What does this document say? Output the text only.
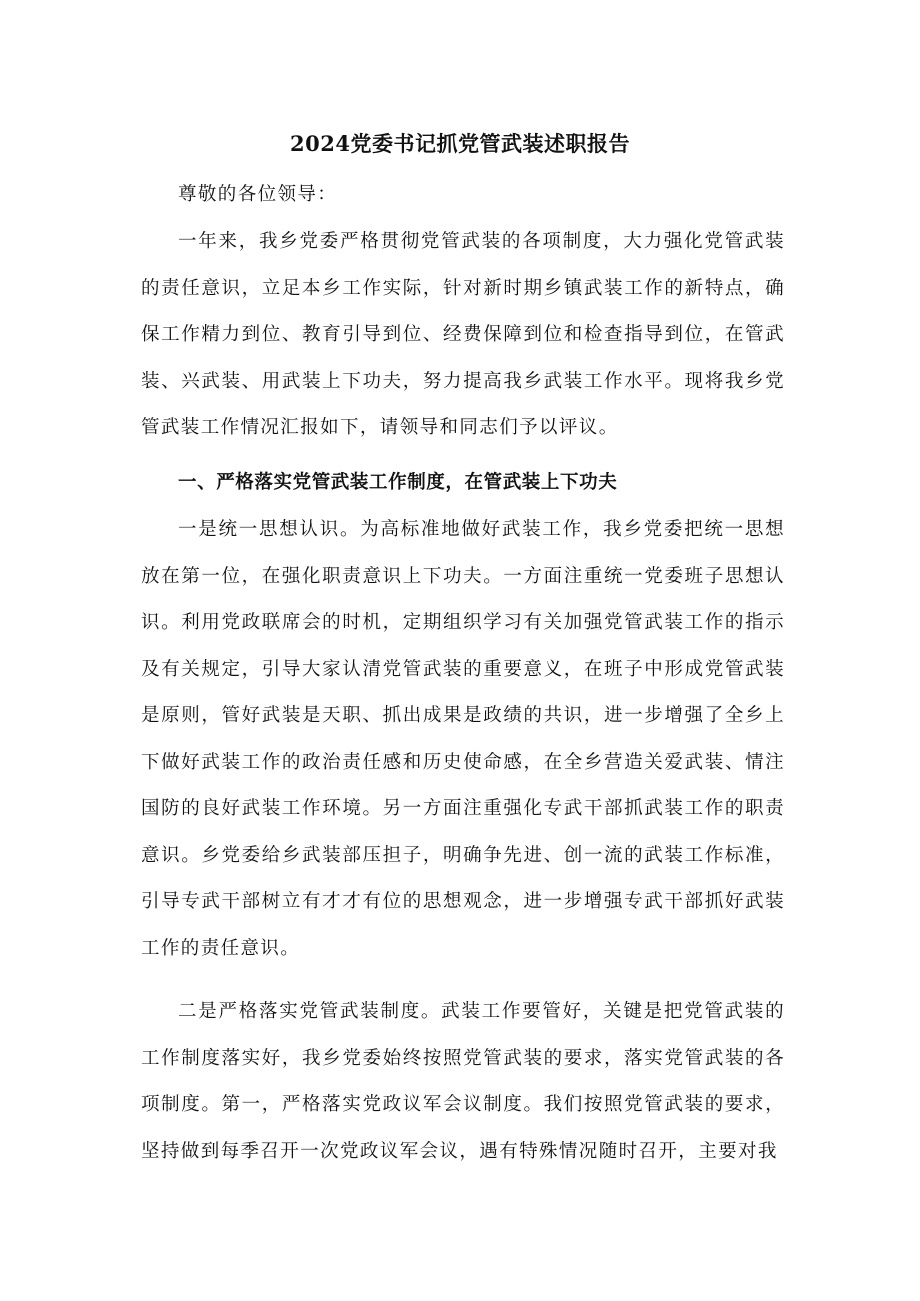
2024党委书记抓党管武装述职报告

尊敬的各位领导：

一年来，我乡党委严格贯彻党管武装的各项制度，大力强化党管武装的责任意识，立足本乡工作实际，针对新时期乡镇武装工作的新特点，确保工作精力到位、教育引导到位、经费保障到位和检查指导到位，在管武装、兴武装、用武装上下功夫，努力提高我乡武装工作水平。现将我乡党管武装工作情况汇报如下，请领导和同志们予以评议。

一、严格落实党管武装工作制度，在管武装上下功夫

一是统一思想认识。为高标准地做好武装工作，我乡党委把统一思想放在第一位，在强化职责意识上下功夫。一方面注重统一党委班子思想认识。利用党政联席会的时机，定期组织学习有关加强党管武装工作的指示及有关规定，引导大家认清党管武装的重要意义，在班子中形成党管武装是原则，管好武装是天职、抓出成果是政绩的共识，进一步增强了全乡上下做好武装工作的政治责任感和历史使命感，在全乡营造关爱武装、情注国防的良好武装工作环境。另一方面注重强化专武干部抓武装工作的职责意识。乡党委给乡武装部压担子，明确争先进、创一流的武装工作标准，引导专武干部树立有才才有位的思想观念，进一步增强专武干部抓好武装工作的责任意识。

二是严格落实党管武装制度。武装工作要管好，关键是把党管武装的工作制度落实好，我乡党委始终按照党管武装的要求，落实党管武装的各项制度。第一，严格落实党政议军会议制度。我们按照党管武装的要求，坚持做到每季召开一次党政议军会议，遇有特殊情况随时召开，主要对我
